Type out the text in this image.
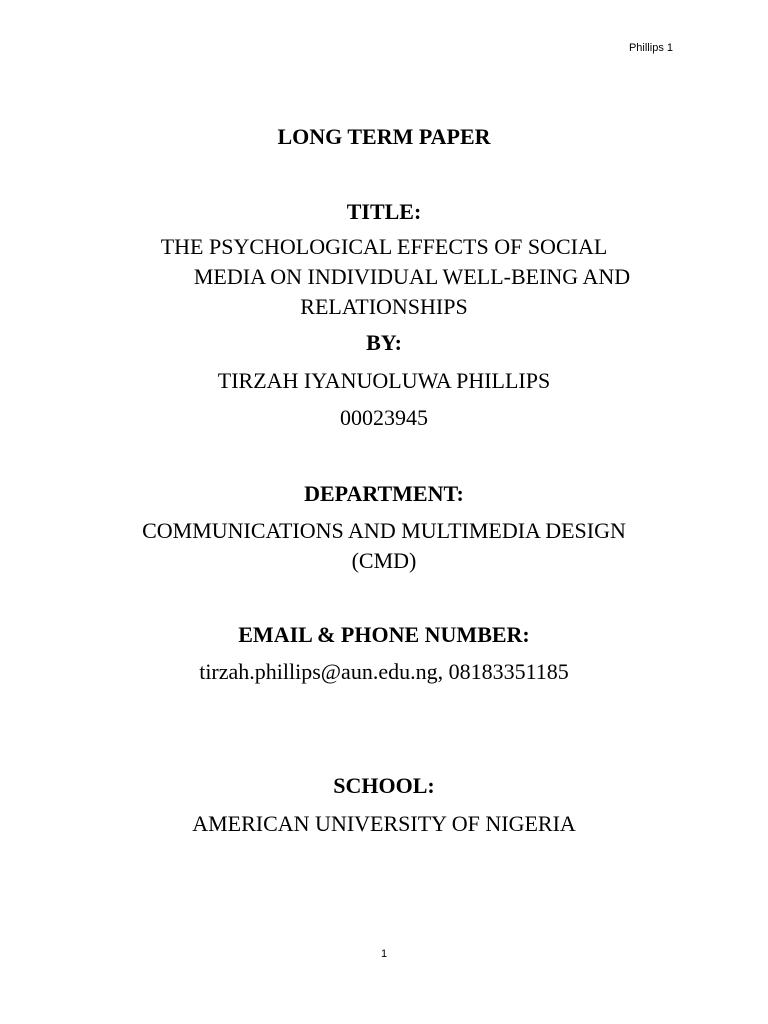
Phillips 1
LONG TERM PAPER
TITLE:
THE PSYCHOLOGICAL EFFECTS OF SOCIAL
MEDIA ON INDIVIDUAL WELL-BEING AND
RELATIONSHIPS
BY:
TIRZAH IYANUOLUWA PHILLIPS
00023945
DEPARTMENT:
COMMUNICATIONS AND MULTIMEDIA DESIGN
(CMD)
EMAIL & PHONE NUMBER:
tirzah.phillips@aun.edu.ng, 08183351185
SCHOOL:
AMERICAN UNIVERSITY OF NIGERIA
1
